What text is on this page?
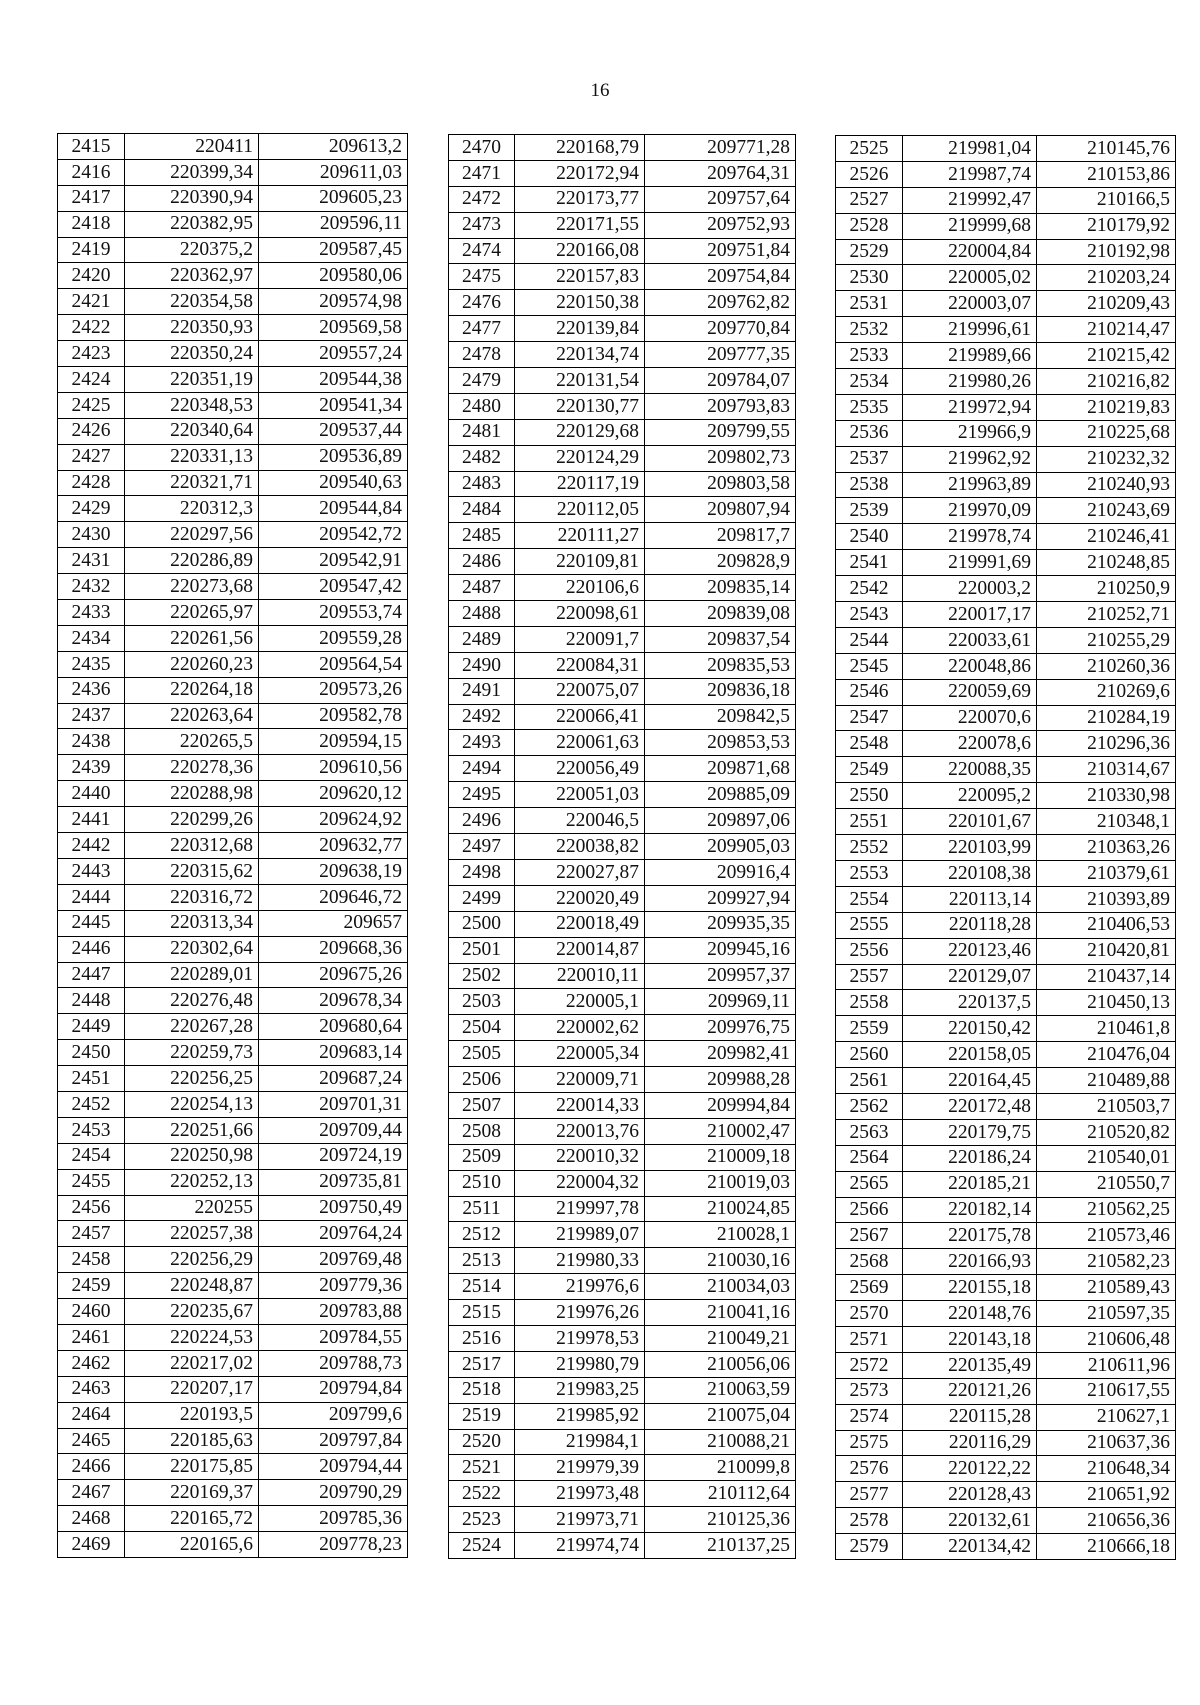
16
2415	220411	209613,2
2416	220399,34	209611,03
2417	220390,94	209605,23
2418	220382,95	209596,11
2419	220375,2	209587,45
2420	220362,97	209580,06
2421	220354,58	209574,98
2422	220350,93	209569,58
2423	220350,24	209557,24
2424	220351,19	209544,38
2425	220348,53	209541,34
2426	220340,64	209537,44
2427	220331,13	209536,89
2428	220321,71	209540,63
2429	220312,3	209544,84
2430	220297,56	209542,72
2431	220286,89	209542,91
2432	220273,68	209547,42
2433	220265,97	209553,74
2434	220261,56	209559,28
2435	220260,23	209564,54
2436	220264,18	209573,26
2437	220263,64	209582,78
2438	220265,5	209594,15
2439	220278,36	209610,56
2440	220288,98	209620,12
2441	220299,26	209624,92
2442	220312,68	209632,77
2443	220315,62	209638,19
2444	220316,72	209646,72
2445	220313,34	209657
2446	220302,64	209668,36
2447	220289,01	209675,26
2448	220276,48	209678,34
2449	220267,28	209680,64
2450	220259,73	209683,14
2451	220256,25	209687,24
2452	220254,13	209701,31
2453	220251,66	209709,44
2454	220250,98	209724,19
2455	220252,13	209735,81
2456	220255	209750,49
2457	220257,38	209764,24
2458	220256,29	209769,48
2459	220248,87	209779,36
2460	220235,67	209783,88
2461	220224,53	209784,55
2462	220217,02	209788,73
2463	220207,17	209794,84
2464	220193,5	209799,6
2465	220185,63	209797,84
2466	220175,85	209794,44
2467	220169,37	209790,29
2468	220165,72	209785,36
2469	220165,6	209778,23
2470	220168,79	209771,28
2471	220172,94	209764,31
2472	220173,77	209757,64
2473	220171,55	209752,93
2474	220166,08	209751,84
2475	220157,83	209754,84
2476	220150,38	209762,82
2477	220139,84	209770,84
2478	220134,74	209777,35
2479	220131,54	209784,07
2480	220130,77	209793,83
2481	220129,68	209799,55
2482	220124,29	209802,73
2483	220117,19	209803,58
2484	220112,05	209807,94
2485	220111,27	209817,7
2486	220109,81	209828,9
2487	220106,6	209835,14
2488	220098,61	209839,08
2489	220091,7	209837,54
2490	220084,31	209835,53
2491	220075,07	209836,18
2492	220066,41	209842,5
2493	220061,63	209853,53
2494	220056,49	209871,68
2495	220051,03	209885,09
2496	220046,5	209897,06
2497	220038,82	209905,03
2498	220027,87	209916,4
2499	220020,49	209927,94
2500	220018,49	209935,35
2501	220014,87	209945,16
2502	220010,11	209957,37
2503	220005,1	209969,11
2504	220002,62	209976,75
2505	220005,34	209982,41
2506	220009,71	209988,28
2507	220014,33	209994,84
2508	220013,76	210002,47
2509	220010,32	210009,18
2510	220004,32	210019,03
2511	219997,78	210024,85
2512	219989,07	210028,1
2513	219980,33	210030,16
2514	219976,6	210034,03
2515	219976,26	210041,16
2516	219978,53	210049,21
2517	219980,79	210056,06
2518	219983,25	210063,59
2519	219985,92	210075,04
2520	219984,1	210088,21
2521	219979,39	210099,8
2522	219973,48	210112,64
2523	219973,71	210125,36
2524	219974,74	210137,25
2525	219981,04	210145,76
2526	219987,74	210153,86
2527	219992,47	210166,5
2528	219999,68	210179,92
2529	220004,84	210192,98
2530	220005,02	210203,24
2531	220003,07	210209,43
2532	219996,61	210214,47
2533	219989,66	210215,42
2534	219980,26	210216,82
2535	219972,94	210219,83
2536	219966,9	210225,68
2537	219962,92	210232,32
2538	219963,89	210240,93
2539	219970,09	210243,69
2540	219978,74	210246,41
2541	219991,69	210248,85
2542	220003,2	210250,9
2543	220017,17	210252,71
2544	220033,61	210255,29
2545	220048,86	210260,36
2546	220059,69	210269,6
2547	220070,6	210284,19
2548	220078,6	210296,36
2549	220088,35	210314,67
2550	220095,2	210330,98
2551	220101,67	210348,1
2552	220103,99	210363,26
2553	220108,38	210379,61
2554	220113,14	210393,89
2555	220118,28	210406,53
2556	220123,46	210420,81
2557	220129,07	210437,14
2558	220137,5	210450,13
2559	220150,42	210461,8
2560	220158,05	210476,04
2561	220164,45	210489,88
2562	220172,48	210503,7
2563	220179,75	210520,82
2564	220186,24	210540,01
2565	220185,21	210550,7
2566	220182,14	210562,25
2567	220175,78	210573,46
2568	220166,93	210582,23
2569	220155,18	210589,43
2570	220148,76	210597,35
2571	220143,18	210606,48
2572	220135,49	210611,96
2573	220121,26	210617,55
2574	220115,28	210627,1
2575	220116,29	210637,36
2576	220122,22	210648,34
2577	220128,43	210651,92
2578	220132,61	210656,36
2579	220134,42	210666,18
